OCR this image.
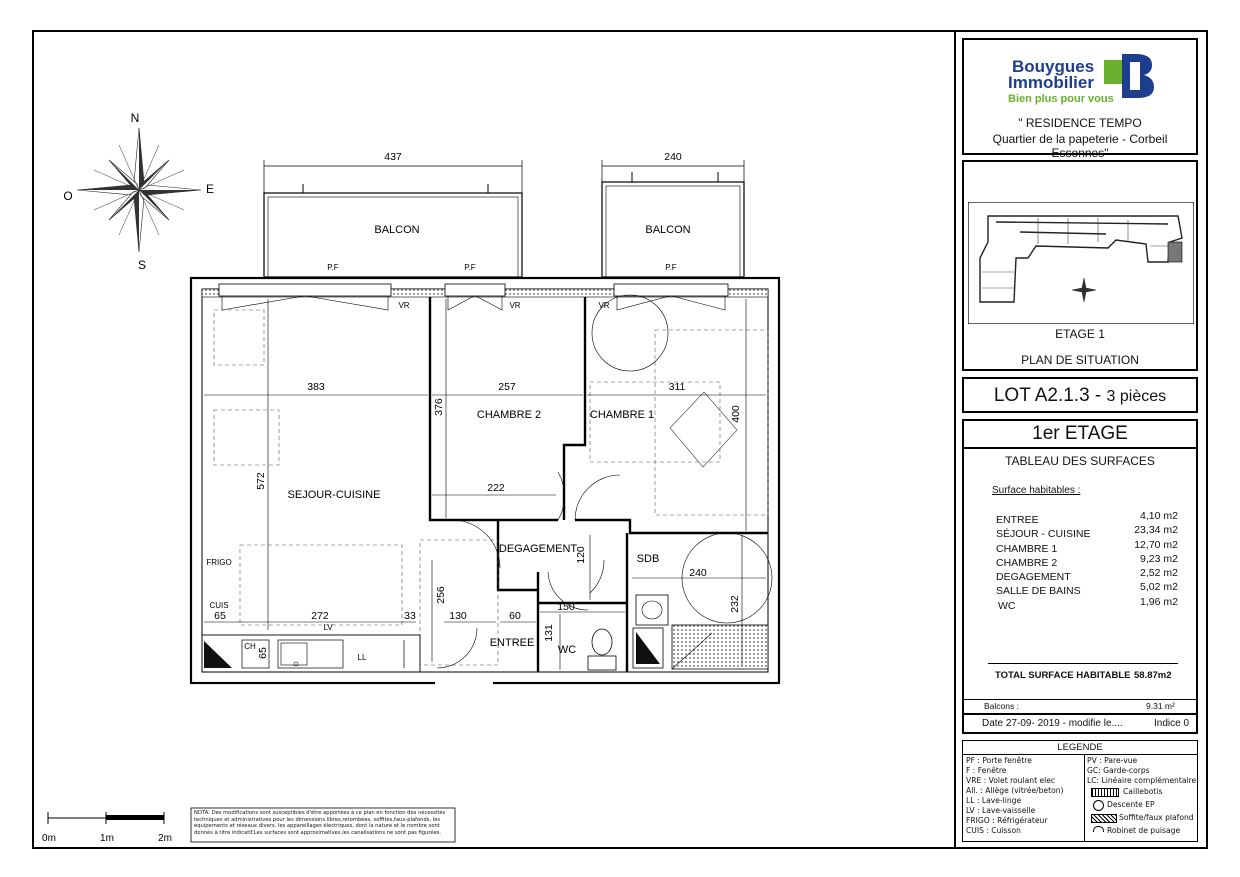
N
S
E
O
BALCON	BALCON
SEJOUR-CUISINE
CHAMBRE 2	CHAMBRE 1
DEGAGEMENT
SDB
ENTREE
WC
P.F	P.F	P.F
VR	VR	VR
FRIGO
CUIS
LV
LL
CH
437	240
383	257	311
222
240
272	33
65	130	60
150
376	400
572
120
232
256
131
65
0m	1m	2m
NOTA: Des modifications sont susceptibles d'être apportées à ce plan en fonction des nécessités techniques et administratives pour les dimensions libres,retombées, soffites,faux-plafonds, les équipements et réseaux divers, les appareillages électriques, dont la nature et le nombre sont donnés à titre indicatif.Les surfaces sont approximatives.les canalisations ne sont pas figurées.
Bouygues
Immobilier
Bien plus pour vous
" RESIDENCE TEMPO
Quartier de la papeterie - Corbeil Essonnes"
ETAGE 1
PLAN DE SITUATION
LOT A2.1.3 - 3 pièces
1er ETAGE
TABLEAU DES SURFACES
Surface habitables :
ENTREE	4,10 m2
SÉJOUR - CUISINE	23,34 m2
CHAMBRE 1	12,70 m2
CHAMBRE 2	9,23 m2
DEGAGEMENT	2,52 m2
SALLE DE BAINS	5,02 m2
WC	1,96 m2
TOTAL SURFACE HABITABLE 58.87m2
Balcons :	9.31 m²
Date 27-09- 2019 - modifie le....	Indice 0
LEGENDE
PF : Porte fenêtre
F : Fenêtre
VRE : Volet roulant elec
All. : Allège (vitrée/beton)
LL : Lave-linge
LV : Lave-vaisselle
FRIGO : Réfrigérateur
CUIS : Cuisson
PV : Pare-vue
GC: Garde-corps
LC: Linéaire complémentaire
Caillebotis
Descente EP
Soffite/faux plafond
Robinet de puisage
